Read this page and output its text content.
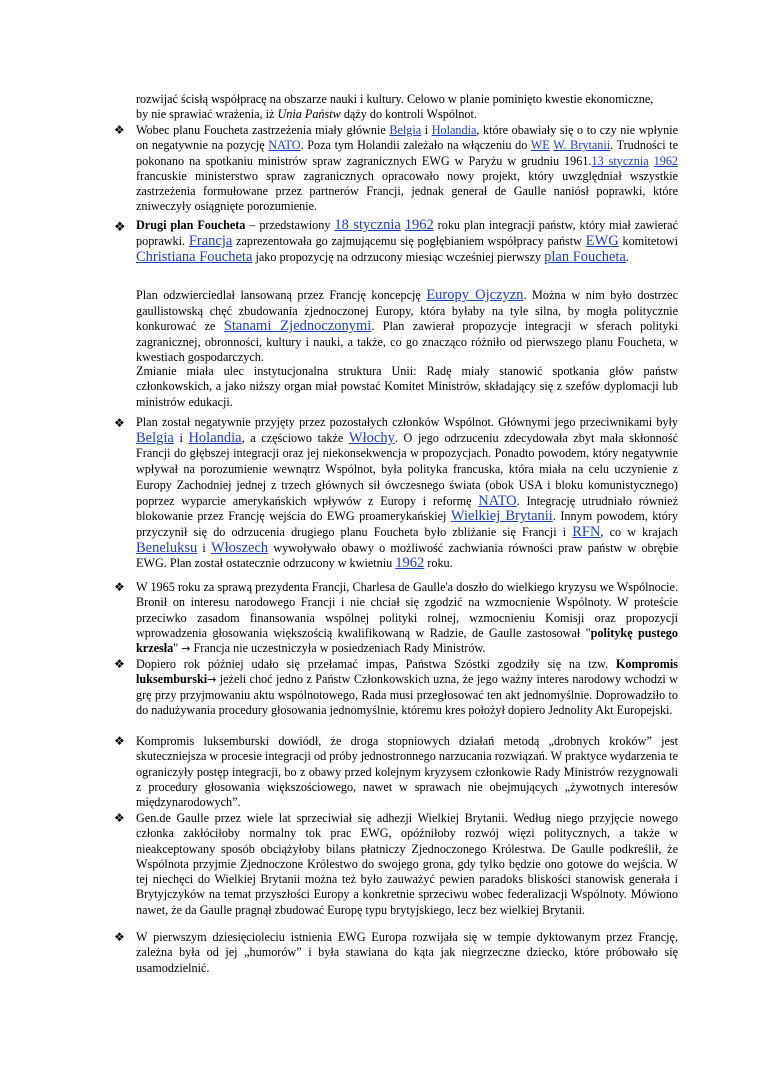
rozwijać ścisłą współpracę na obszarze nauki i kultury. Celowo w planie pominięto kwestie ekonomiczne,
by nie sprawiać wrażenia, iż Unia Państw dąży do kontroli Wspólnot.
❖ Wobec planu Foucheta zastrzeżenia miały głównie Belgia i Holandia, które obawiały się o to czy nie wpłynie on negatywnie na pozycję NATO. Poza tym Holandii zależało na włączeniu do WE W. Brytanii. Trudności te pokonano na spotkaniu ministrów spraw zagranicznych EWG w Paryżu w grudniu 1961.13 stycznia 1962 francuskie ministerstwo spraw zagranicznych opracowało nowy projekt, który uwzględniał wszystkie zastrzeżenia formułowane przez partnerów Francji, jednak generał de Gaulle naniósł poprawki, które zniweczyły osiągnięte porozumienie.
❖ Drugi plan Foucheta – przedstawiony 18 stycznia 1962 roku plan integracji państw, który miał zawierać poprawki. Francja zaprezentowała go zajmującemu się pogłębianiem współpracy państw EWG komitetowi Christiana Foucheta jako propozycję na odrzucony miesiąc wcześniej pierwszy plan Foucheta.
Plan odzwierciedlał lansowaną przez Francję koncepcję Europy Ojczyzn. Można w nim było dostrzec gaullistowską chęć zbudowania zjednoczonej Europy, która byłaby na tyle silna, by mogła politycznie konkurować ze Stanami Zjednoczonymi. Plan zawierał propozycje integracji w sferach polityki zagranicznej, obronności, kultury i nauki, a także, co go znacząco różniło od pierwszego planu Foucheta, w kwestiach gospodarczych.
Zmianie miała ulec instytucjonalna struktura Unii: Radę miały stanowić spotkania głów państw członkowskich, a jako niższy organ miał powstać Komitet Ministrów, składający się z szefów dyplomacji lub ministrów edukacji.
❖ Plan został negatywnie przyjęty przez pozostałych członków Wspólnot. Głównymi jego przeciwnikami były Belgia i Holandia, a częściowo także Włochy. O jego odrzuceniu zdecydowała zbyt mała skłonność Francji do głębszej integracji oraz jej niekonsekwencja w propozycjach. Ponadto powodem, który negatywnie wpływał na porozumienie wewnątrz Wspólnot, była polityka francuska, która miała na celu uczynienie z Europy Zachodniej jednej z trzech głównych sił ówczesnego świata (obok USA i bloku komunistycznego) poprzez wyparcie amerykańskich wpływów z Europy i reformę NATO. Integrację utrudniało również blokowanie przez Francję wejścia do EWG proamerykańskiej Wielkiej Brytanii. Innym powodem, który przyczynił się do odrzucenia drugiego planu Foucheta było zbliżanie się Francji i RFN, co w krajach Beneluksu i Włoszech wywoływało obawy o możliwość zachwiania równości praw państw w obrębie EWG. Plan został ostatecznie odrzucony w kwietniu 1962 roku.
❖ W 1965 roku za sprawą prezydenta Francji, Charlesa de Gaulle'a doszło do wielkiego kryzysu we Wspólnocie. Bronił on interesu narodowego Francji i nie chciał się zgodzić na wzmocnienie Wspólnoty. W proteście przeciwko zasadom finansowania wspólnej polityki rolnej, wzmocnieniu Komisji oraz propozycji wprowadzenia głosowania większością kwalifikowaną w Radzie, de Gaulle zastosował "politykę pustego krzesła" → Francja nie uczestniczyła w posiedzeniach Rady Ministrów.
❖ Dopiero rok później udało się przełamać impas, Państwa Szóstki zgodziły się na tzw. Kompromis luksemburski→ jeżeli choć jedno z Państw Członkowskich uzna, że jego ważny interes narodowy wchodzi w grę przy przyjmowaniu aktu wspólnotowego, Rada musi przegłosować ten akt jednomyślnie. Doprowadziło to do nadużywania procedury głosowania jednomyślnie, któremu kres położył dopiero Jednolity Akt Europejski.
❖ Kompromis luksemburski dowiódł, że droga stopniowych działań metodą „drobnych kroków” jest skuteczniejsza w procesie integracji od próby jednostronnego narzucania rozwiązań. W praktyce wydarzenia te ograniczyły postęp integracji, bo z obawy przed kolejnym kryzysem członkowie Rady Ministrów rezygnowali z procedury głosowania większościowego, nawet w sprawach nie obejmujących „żywotnych interesów międzynarodowych”.
❖ Gen.de Gaulle przez wiele lat sprzeciwiał się adhezji Wielkiej Brytanii. Według niego przyjęcie nowego członka zakłóciłoby normalny tok prac EWG, opóźniłoby rozwój więzi politycznych, a także w nieakceptowany sposób obciążyłoby bilans płatniczy Zjednoczonego Królestwa. De Gaulle podkreślił, że Wspólnota przyjmie Zjednoczone Królestwo do swojego grona, gdy tylko będzie ono gotowe do wejścia. W tej niechęci do Wielkiej Brytanii można też było zauważyć pewien paradoks bliskości stanowisk generała i Brytyjczyków na temat przyszłości Europy a konkretnie sprzeciwu wobec federalizacji Wspólnoty. Mówiono nawet, że da Gaulle pragnął zbudować Europę typu brytyjskiego, lecz bez wielkiej Brytanii.
❖ W pierwszym dziesięcioleciu istnienia EWG Europa rozwijała się w tempie dyktowanym przez Francję, zależna była od jej „humorów” i była stawiana do kąta jak niegrzeczne dziecko, które próbowało się usamodzielnić.
